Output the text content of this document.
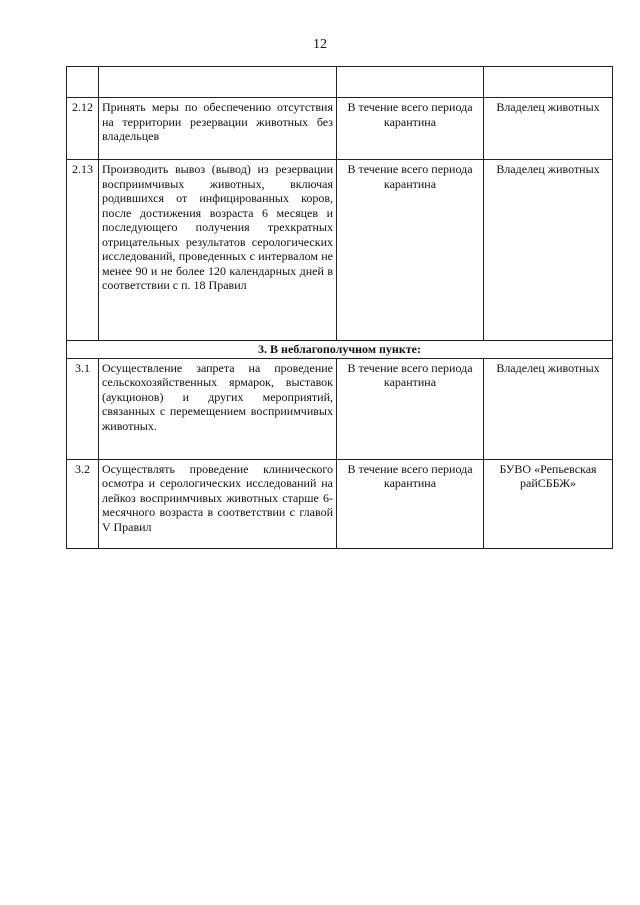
12

2.12	Принять меры по обеспечению отсутствия на территории резервации животных без владельцев	В течение всего периода карантина	Владелец животных
2.13	Производить вывоз (вывод) из резервации восприимчивых животных, включая родившихся от инфицированных коров, после достижения возраста 6 месяцев и последующего получения трехкратных отрицательных результатов серологических исследований, проведенных с интервалом не менее 90 и не более 120 календарных дней в соответствии с п. 18 Правил	В течение всего периода карантина	Владелец животных
3. В неблагополучном пункте:			
3.1	Осуществление запрета на проведение сельскохозяйственных ярмарок, выставок (аукционов) и других мероприятий, связанных с перемещением восприимчивых животных.	В течение всего периода карантина	Владелец животных
3.2	Осуществлять проведение клинического осмотра и серологических исследований на лейкоз восприимчивых животных старше 6-месячного возраста в соответствии с главой V Правил	В течение всего периода карантина	БУВО «Репьевская райСББЖ»
